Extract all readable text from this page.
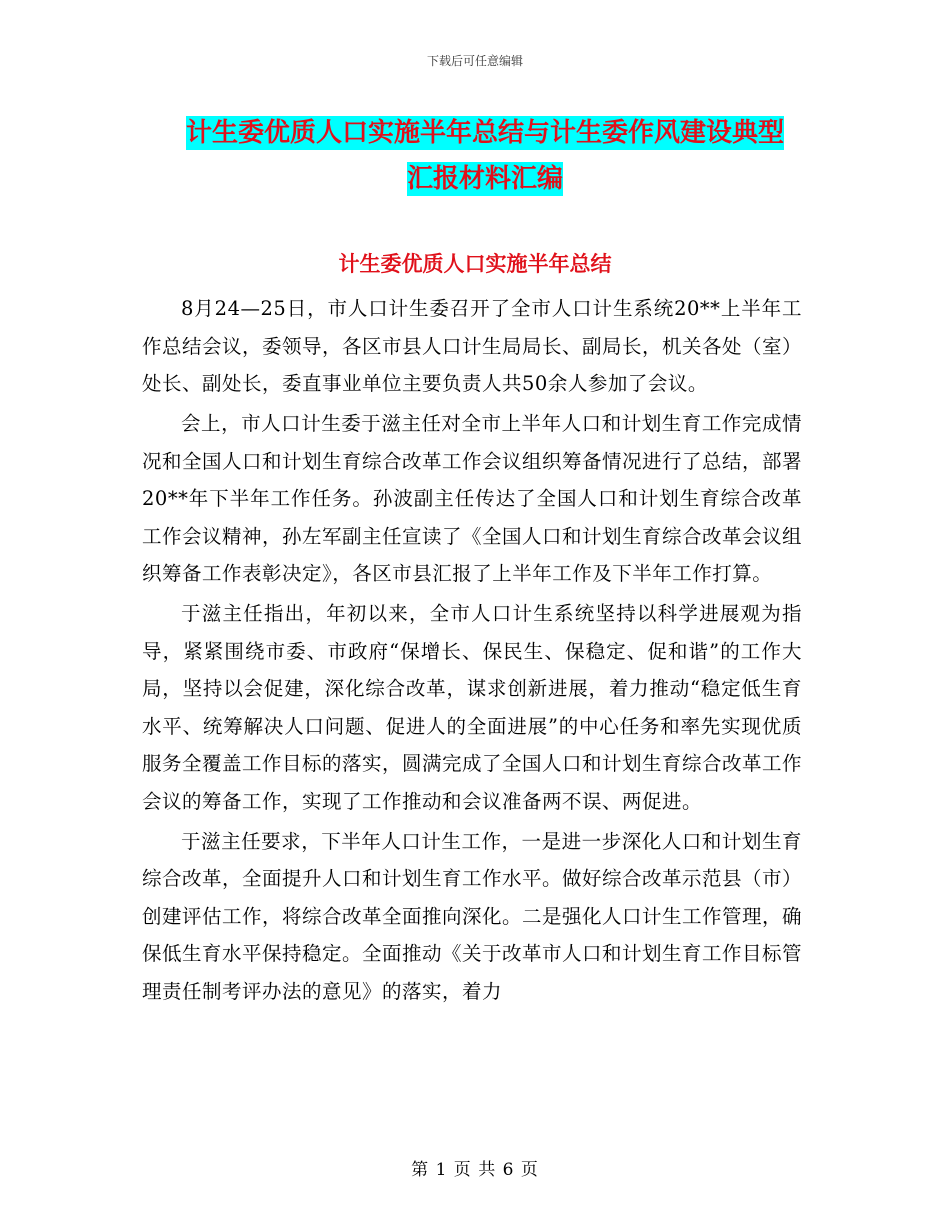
下载后可任意编辑
计生委优质人口实施半年总结与计生委作风建设典型
汇报材料汇编
计生委优质人口实施半年总结

8月24—25日，市人口计生委召开了全市人口计生系统20**上半年工作总结会议，委领导，各区市县人口计生局局长、副局长，机关各处（室）处长、副处长，委直事业单位主要负责人共50余人参加了会议。

会上，市人口计生委于滋主任对全市上半年人口和计划生育工作完成情况和全国人口和计划生育综合改革工作会议组织筹备情况进行了总结，部署20**年下半年工作任务。孙波副主任传达了全国人口和计划生育综合改革工作会议精神，孙左军副主任宣读了《全国人口和计划生育综合改革会议组织筹备工作表彰决定》，各区市县汇报了上半年工作及下半年工作打算。

于滋主任指出，年初以来，全市人口计生系统坚持以科学进展观为指导，紧紧围绕市委、市政府“保增长、保民生、保稳定、促和谐”的工作大局，坚持以会促建，深化综合改革，谋求创新进展，着力推动“稳定低生育水平、统筹解决人口问题、促进人的全面进展”的中心任务和率先实现优质服务全覆盖工作目标的落实，圆满完成了全国人口和计划生育综合改革工作会议的筹备工作，实现了工作推动和会议准备两不误、两促进。

于滋主任要求，下半年人口计生工作，一是进一步深化人口和计划生育综合改革，全面提升人口和计划生育工作水平。做好综合改革示范县（市）创建评估工作，将综合改革全面推向深化。二是强化人口计生工作管理，确保低生育水平保持稳定。全面推动《关于改革市人口和计划生育工作目标管理责任制考评办法的意见》的落实，着力

第 1 页 共 6 页
